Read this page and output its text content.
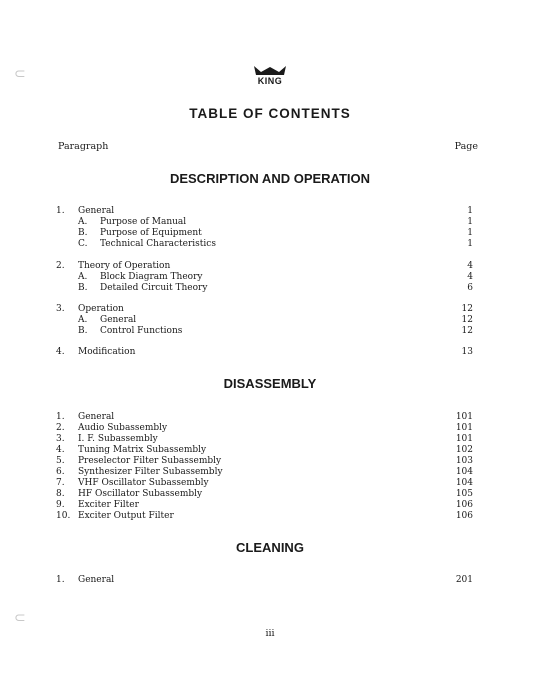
⊂
⊂
KING
TABLE OF CONTENTS
Paragraph	Page
DESCRIPTION AND OPERATION
1. General	1
A. Purpose of Manual	1
B. Purpose of Equipment	1
C. Technical Characteristics	1
2. Theory of Operation	4
A. Block Diagram Theory	4
B. Detailed Circuit Theory	6
3. Operation	12
A. General	12
B. Control Functions	12
4. Modification	13
DISASSEMBLY
1. General	101
2. Audio Subassembly	101
3. I. F. Subassembly	101
4. Tuning Matrix Subassembly	102
5. Preselector Filter Subassembly	103
6. Synthesizer Filter Subassembly	104
7. VHF Oscillator Subassembly	104
8. HF Oscillator Subassembly	105
9. Exciter Filter	106
10. Exciter Output Filter	106
CLEANING
1. General	201
iii
